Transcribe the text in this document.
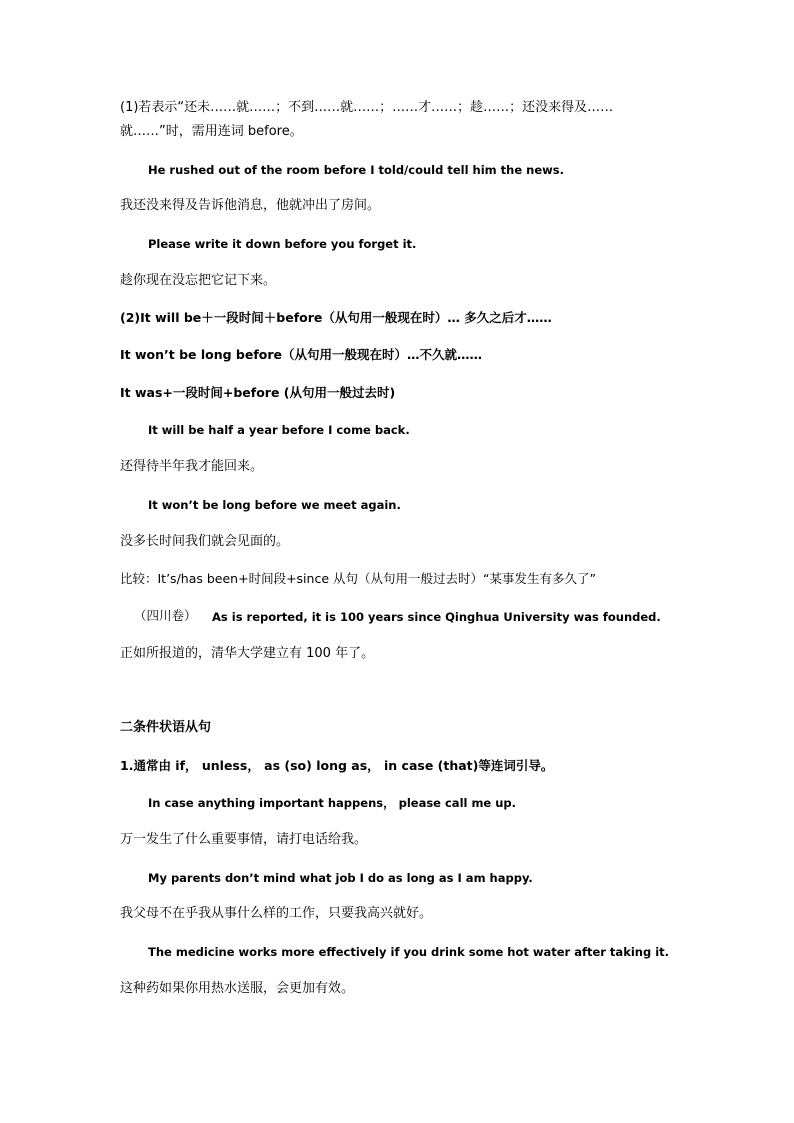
(1)若表示“还未……就……；不到……就……；……才……；趁……；还没来得及……
就……”时，需用连词 before。
He rushed out of the room before I told/could tell him the news.
我还没来得及告诉他消息，他就冲出了房间。
Please write it down before you forget it.
趁你现在没忘把它记下来。
(2)It will be＋一段时间＋before（从句用一般现在时）… 多久之后才……
It won’t be long before（从句用一般现在时）…不久就……
It was+一段时间+before (从句用一般过去时)
It will be half a year before I come back.
还得待半年我才能回来。
It won’t be long before we meet again.
没多长时间我们就会见面的。
比较：It’s/has been+时间段+since 从句（从句用一般过去时）“某事发生有多久了”
（四川卷） As is reported, it is 100 years since Qinghua University was founded.
正如所报道的，清华大学建立有 100 年了。
二条件状语从句
1.通常由 if， unless， as (so) long as， in case (that)等连词引导。
In case anything important happens， please call me up.
万一发生了什么重要事情，请打电话给我。
My parents don’t mind what job I do as long as I am happy.
我父母不在乎我从事什么样的工作，只要我高兴就好。
The medicine works more effectively if you drink some hot water after taking it.
这种药如果你用热水送服，会更加有效。
